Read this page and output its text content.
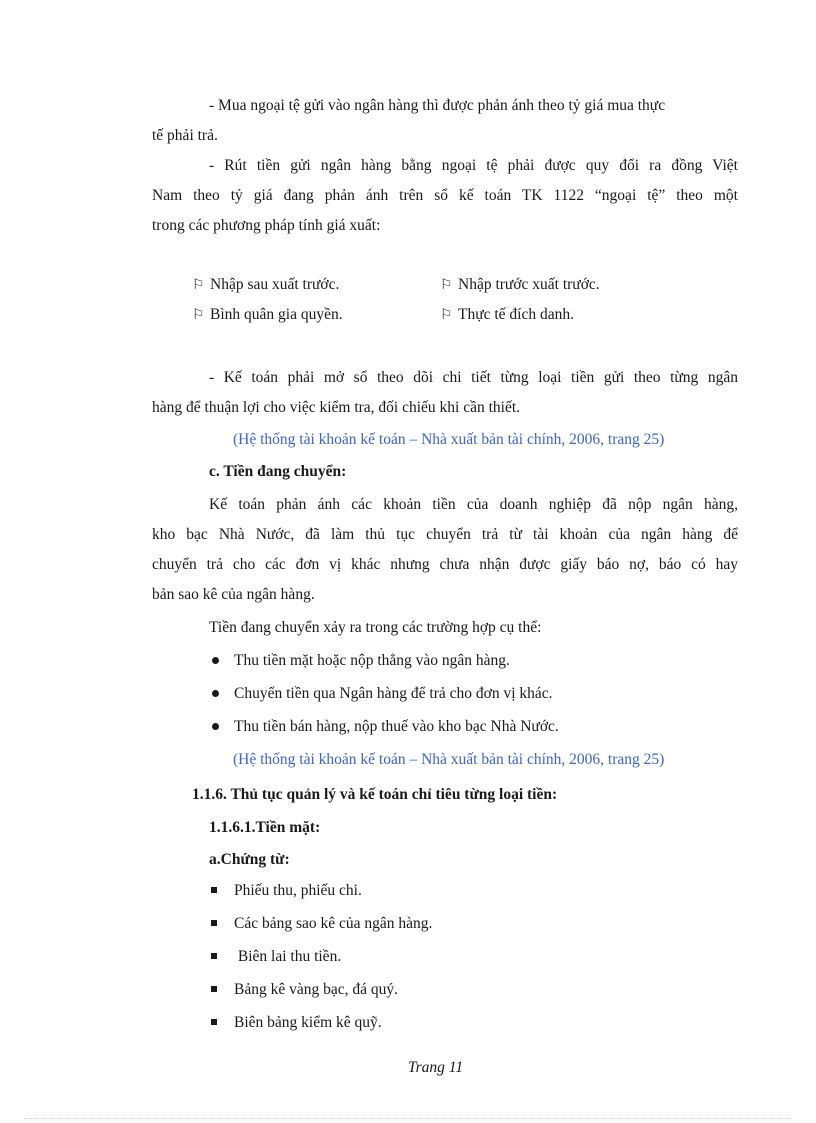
- Mua ngoại tệ gửi vào ngân hàng thì được phản ánh theo tỷ giá mua thực
tế phải trả.
- Rút tiền gửi ngân hàng bằng ngoại tệ phải được quy đổi ra đồng Việt
Nam theo tỷ giá đang phản ánh trên sổ kế toán TK 1122 “ngoại tệ” theo một
trong các phương pháp tính giá xuất:
⚐ Nhập sau xuất trước.	⚐ Nhập trước xuất trước.
⚐ Bình quân gia quyền.	⚐ Thực tế đích danh.
- Kế toán phải mở sổ theo dõi chi tiết từng loại tiền gửi theo từng ngân
hàng để thuận lợi cho việc kiểm tra, đối chiếu khi cần thiết.
(Hệ thống tài khoản kế toán – Nhà xuất bản tài chính, 2006, trang 25)
c. Tiền đang chuyển:
Kế toán phản ánh các khoản tiền của doanh nghiệp đã nộp ngân hàng,
kho bạc Nhà Nước, đã làm thủ tục chuyển trả từ tài khoản của ngân hàng để
chuyển trả cho các đơn vị khác nhưng chưa nhận được giấy báo nợ, báo có hay
bản sao kê của ngân hàng.
Tiền đang chuyển xảy ra trong các trường hợp cụ thể:
Thu tiền mặt hoặc nộp thẳng vào ngân hàng.
Chuyển tiền qua Ngân hàng để trả cho đơn vị khác.
Thu tiền bán hàng, nộp thuế vào kho bạc Nhà Nước.
(Hệ thống tài khoản kế toán – Nhà xuất bản tài chính, 2006, trang 25)
1.1.6. Thủ tục quản lý và kế toán chỉ tiêu từng loại tiền:
1.1.6.1.Tiền mặt:
a.Chứng từ:
Phiếu thu, phiếu chi.
Các bảng sao kê của ngân hàng.
Biên lai thu tiền.
Bảng kê vàng bạc, đá quý.
Biên bảng kiểm kê quỹ.
Trang 11
